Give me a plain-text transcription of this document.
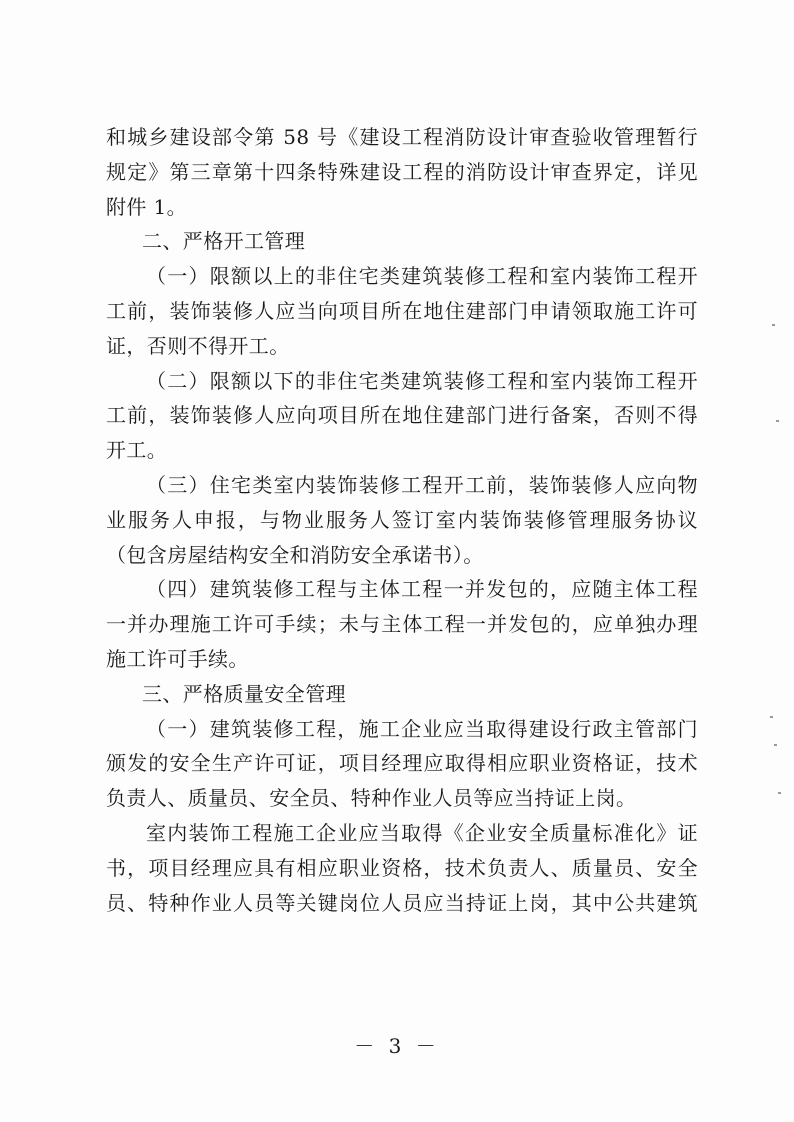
和城乡建设部令第 58 号《建设工程消防设计审查验收管理暂行
规定》第三章第十四条特殊建设工程的消防设计审查界定，详见
附件 1。
二、严格开工管理
（一）限额以上的非住宅类建筑装修工程和室内装饰工程开
工前，装饰装修人应当向项目所在地住建部门申请领取施工许可
证，否则不得开工。
（二）限额以下的非住宅类建筑装修工程和室内装饰工程开
工前，装饰装修人应向项目所在地住建部门进行备案，否则不得
开工。
（三）住宅类室内装饰装修工程开工前，装饰装修人应向物
业服务人申报，与物业服务人签订室内装饰装修管理服务协议
（包含房屋结构安全和消防安全承诺书）。
（四）建筑装修工程与主体工程一并发包的，应随主体工程
一并办理施工许可手续；未与主体工程一并发包的，应单独办理
施工许可手续。
三、严格质量安全管理
（一）建筑装修工程，施工企业应当取得建设行政主管部门
颁发的安全生产许可证，项目经理应取得相应职业资格证，技术
负责人、质量员、安全员、特种作业人员等应当持证上岗。
室内装饰工程施工企业应当取得《企业安全质量标准化》证
书，项目经理应具有相应职业资格，技术负责人、质量员、安全
员、特种作业人员等关键岗位人员应当持证上岗，其中公共建筑
－ 3 －
